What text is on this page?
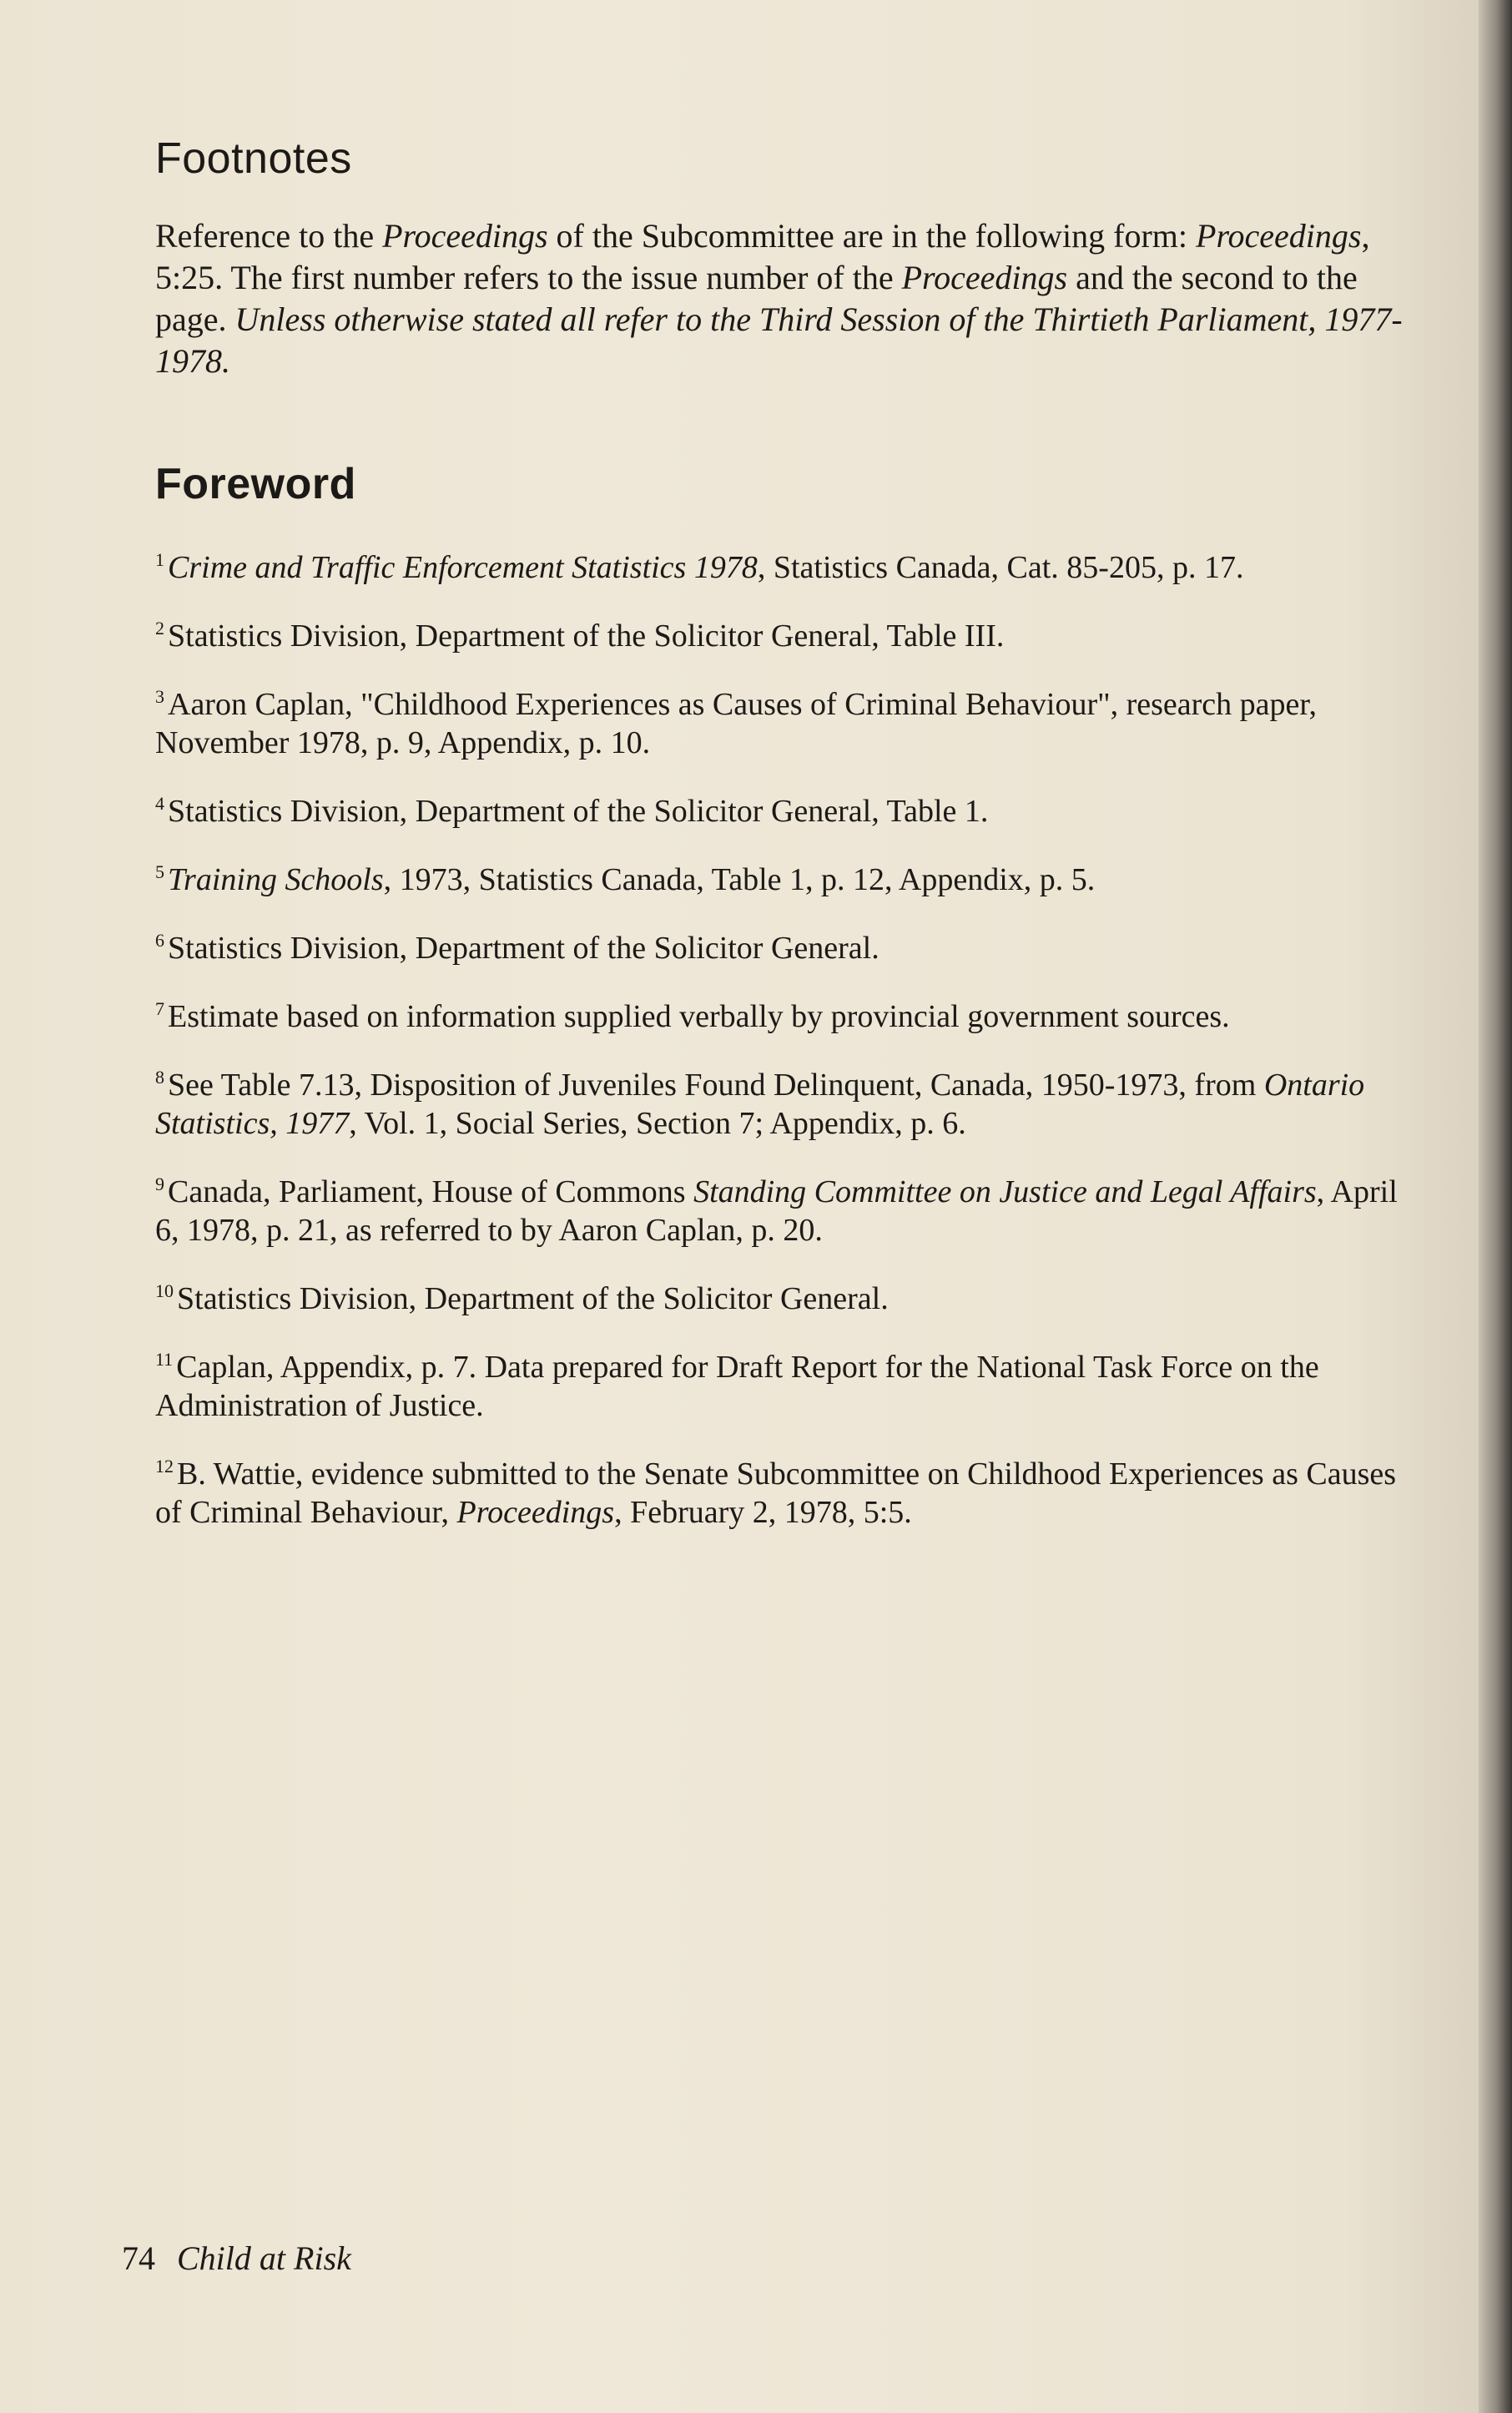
Footnotes

Reference to the Proceedings of the Subcommittee are in the following form: Proceedings, 5:25. The first number refers to the issue number of the Proceedings and the second to the page. Unless otherwise stated all refer to the Third Session of the Thirtieth Parliament, 1977-1978.

Foreword
$^1$ Crime and Traffic Enforcement Statistics 1978, Statistics Canada, Cat. 85-205, p. 17.
$^2$ Statistics Division, Department of the Solicitor General, Table III.
$^3$ Aaron Caplan, "Childhood Experiences as Causes of Criminal Behaviour", research paper, November 1978, p. 9, Appendix, p. 10.
$^4$ Statistics Division, Department of the Solicitor General, Table 1.
$^5$ Training Schools, 1973, Statistics Canada, Table 1, p. 12, Appendix, p. 5.
$^6$ Statistics Division, Department of the Solicitor General.
$^7$ Estimate based on information supplied verbally by provincial government sources.
$^8$ See Table 7.13, Disposition of Juveniles Found Delinquent, Canada, 1950-1973, from Ontario Statistics, 1977, Vol. 1, Social Series, Section 7; Appendix, p. 6.
$^9$ Canada, Parliament, House of Commons Standing Committee on Justice and Legal Affairs, April 6, 1978, p. 21, as referred to by Aaron Caplan, p. 20.
$^{10}$ Statistics Division, Department of the Solicitor General.
$^{11}$ Caplan, Appendix, p. 7. Data prepared for Draft Report for the National Task Force on the Administration of Justice.
$^{12}$ B. Wattie, evidence submitted to the Senate Subcommittee on Childhood Experiences as Causes of Criminal Behaviour, Proceedings, February 2, 1978, 5:5.
74 Child at Risk
